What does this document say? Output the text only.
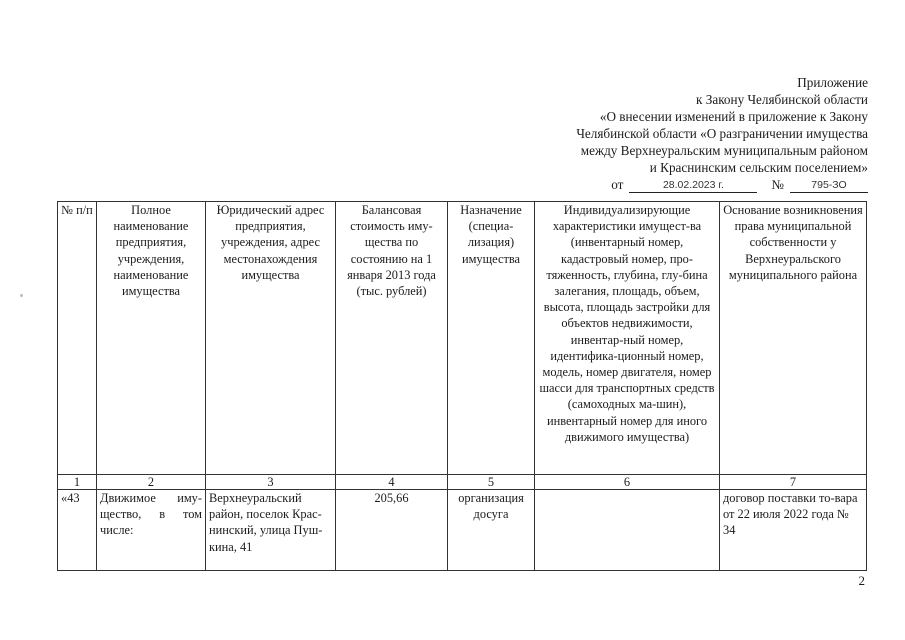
Приложение
к Закону Челябинской области
«О внесении изменений в приложение к Закону
Челябинской области «О разграничении имущества
между Верхнеуральским муниципальным районом
и Краснинским сельским поселением»
от	28.02.2023 г.	№	795-ЗО
№ п/п	Полное наименование предприятия, учреждения, наименование имущества	Юридический адрес предприятия, учреждения, адрес местонахождения имущества	Балансовая стоимость иму-щества по состоянию на 1 января 2013 года (тыс. рублей)	Назначение (специа-лизация) имущества	Индивидуализирующие характеристики имущест-ва (инвентарный номер, кадастровый номер, про-тяженность, глубина, глу-бина залегания, площадь, объем, высота, площадь застройки для объектов недвижимости, инвентар-ный номер, идентифика-ционный номер, модель, номер двигателя, номер шасси для транспортных средств (самоходных ма-шин), инвентарный номер для иного движимого имущества)	Основание возникновения права муниципальной собственности у Верхнеуральского муниципального района
1	2	3	4	5	6	7
«43	Движимое иму-щество, в том числе:	Верхнеуральский район, поселок Крас-нинский, улица Пуш-кина, 41	205,66	организация досуга		договор поставки то-вара от 22 июля 2022 года № 34
2
